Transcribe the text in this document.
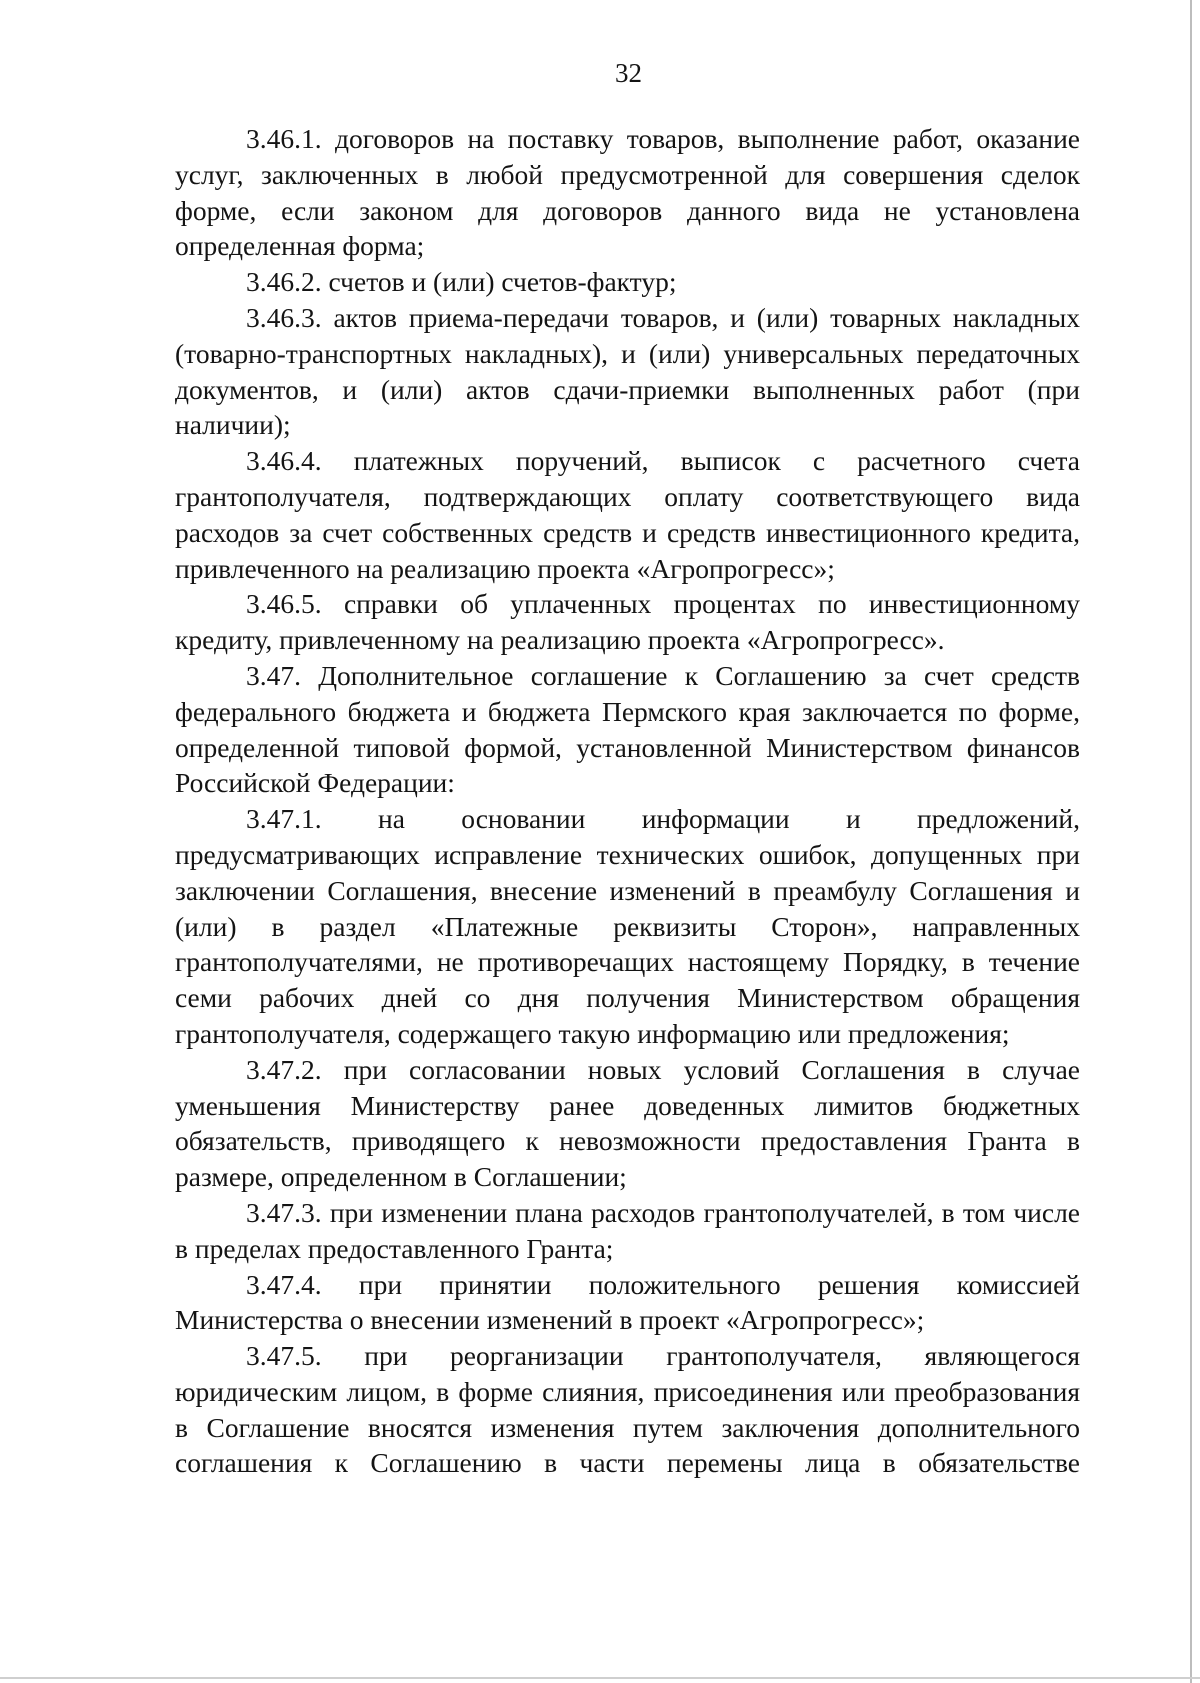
32

3.46.1. договоров на поставку товаров, выполнение работ, оказание услуг, заключенных в любой предусмотренной для совершения сделок форме, если законом для договоров данного вида не установлена определенная форма;

3.46.2. счетов и (или) счетов-фактур;

3.46.3. актов приема-передачи товаров, и (или) товарных накладных (товарно-транспортных накладных), и (или) универсальных передаточных документов, и (или) актов сдачи-приемки выполненных работ (при наличии);

3.46.4. платежных поручений, выписок с расчетного счета грантополучателя, подтверждающих оплату соответствующего вида расходов за счет собственных средств и средств инвестиционного кредита, привлеченного на реализацию проекта «Агропрогресс»;

3.46.5. справки об уплаченных процентах по инвестиционному кредиту, привлеченному на реализацию проекта «Агропрогресс».

3.47. Дополнительное соглашение к Соглашению за счет средств федерального бюджета и бюджета Пермского края заключается по форме, определенной типовой формой, установленной Министерством финансов Российской Федерации:

3.47.1. на основании информации и предложений, предусматривающих исправление технических ошибок, допущенных при заключении Соглашения, внесение изменений в преамбулу Соглашения и (или) в раздел «Платежные реквизиты Сторон», направленных грантополучателями, не противоречащих настоящему Порядку, в течение семи рабочих дней со дня получения Министерством обращения грантополучателя, содержащего такую информацию или предложения;

3.47.2. при согласовании новых условий Соглашения в случае уменьшения Министерству ранее доведенных лимитов бюджетных обязательств, приводящего к невозможности предоставления Гранта в размере, определенном в Соглашении;

3.47.3. при изменении плана расходов грантополучателей, в том числе в пределах предоставленного Гранта;

3.47.4. при принятии положительного решения комиссией Министерства о внесении изменений в проект «Агропрогресс»;

3.47.5. при реорганизации грантополучателя, являющегося юридическим лицом, в форме слияния, присоединения или преобразования в Соглашение вносятся изменения путем заключения дополнительного соглашения к Соглашению в части перемены лица в обязательстве
